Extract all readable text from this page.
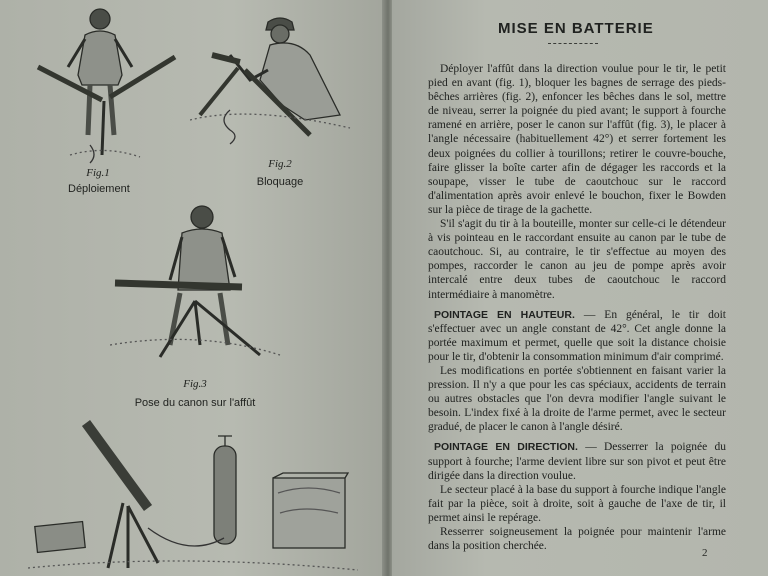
Fig.1
Déploiement
Fig.2
Bloquage
Fig.3
Pose du canon sur l'affût
MISE EN BATTERIE

Déployer l'affût dans la direction voulue pour le tir, le petit pied en avant (fig. 1), bloquer les bagnes de serrage des pieds-bêches arrières (fig. 2), enfoncer les bêches dans le sol, mettre de niveau, serrer la poignée du pied avant; le support à fourche ramené en arrière, poser le canon sur l'affût (fig. 3), le placer à l'angle nécessaire (habituellement 42°) et serrer fortement les deux poignées du collier à tourillons; retirer le couvre-bouche, faire glisser la boîte carter afin de dégager les raccords et la soupape, visser le tube de caoutchouc sur le raccord d'alimentation après avoir enlevé le bouchon, fixer le Bowden sur la pièce de tirage de la gachette.

S'il s'agit du tir à la bouteille, monter sur celle-ci le détendeur à vis pointeau en le raccordant ensuite au canon par le tube de caoutchouc. Si, au contraire, le tir s'effectue au moyen des pompes, raccorder le canon au jeu de pompe après avoir intercalé entre deux tubes de caoutchouc le raccord intermédiaire à manomètre.

POINTAGE EN HAUTEUR. — En général, le tir doit s'effectuer avec un angle constant de 42°. Cet angle donne la portée maximum et permet, quelle que soit la distance choisie pour le tir, d'obtenir la consommation minimum d'air comprimé.

Les modifications en portée s'obtiennent en faisant varier la pression. Il n'y a que pour les cas spéciaux, accidents de terrain ou autres obstacles que l'on devra modifier l'angle suivant le besoin. L'index fixé à la droite de l'arme permet, avec le secteur gradué, de placer le canon à l'angle désiré.

POINTAGE EN DIRECTION. — Desserrer la poignée du support à fourche; l'arme devient libre sur son pivot et peut être dirigée dans la direction voulue.

Le secteur placé à la base du support à fourche indique l'angle fait par la pièce, soit à droite, soit à gauche de l'axe de tir, il permet ainsi le repérage.

Resserrer soigneusement la poignée pour maintenir l'arme dans la position cherchée.

2
